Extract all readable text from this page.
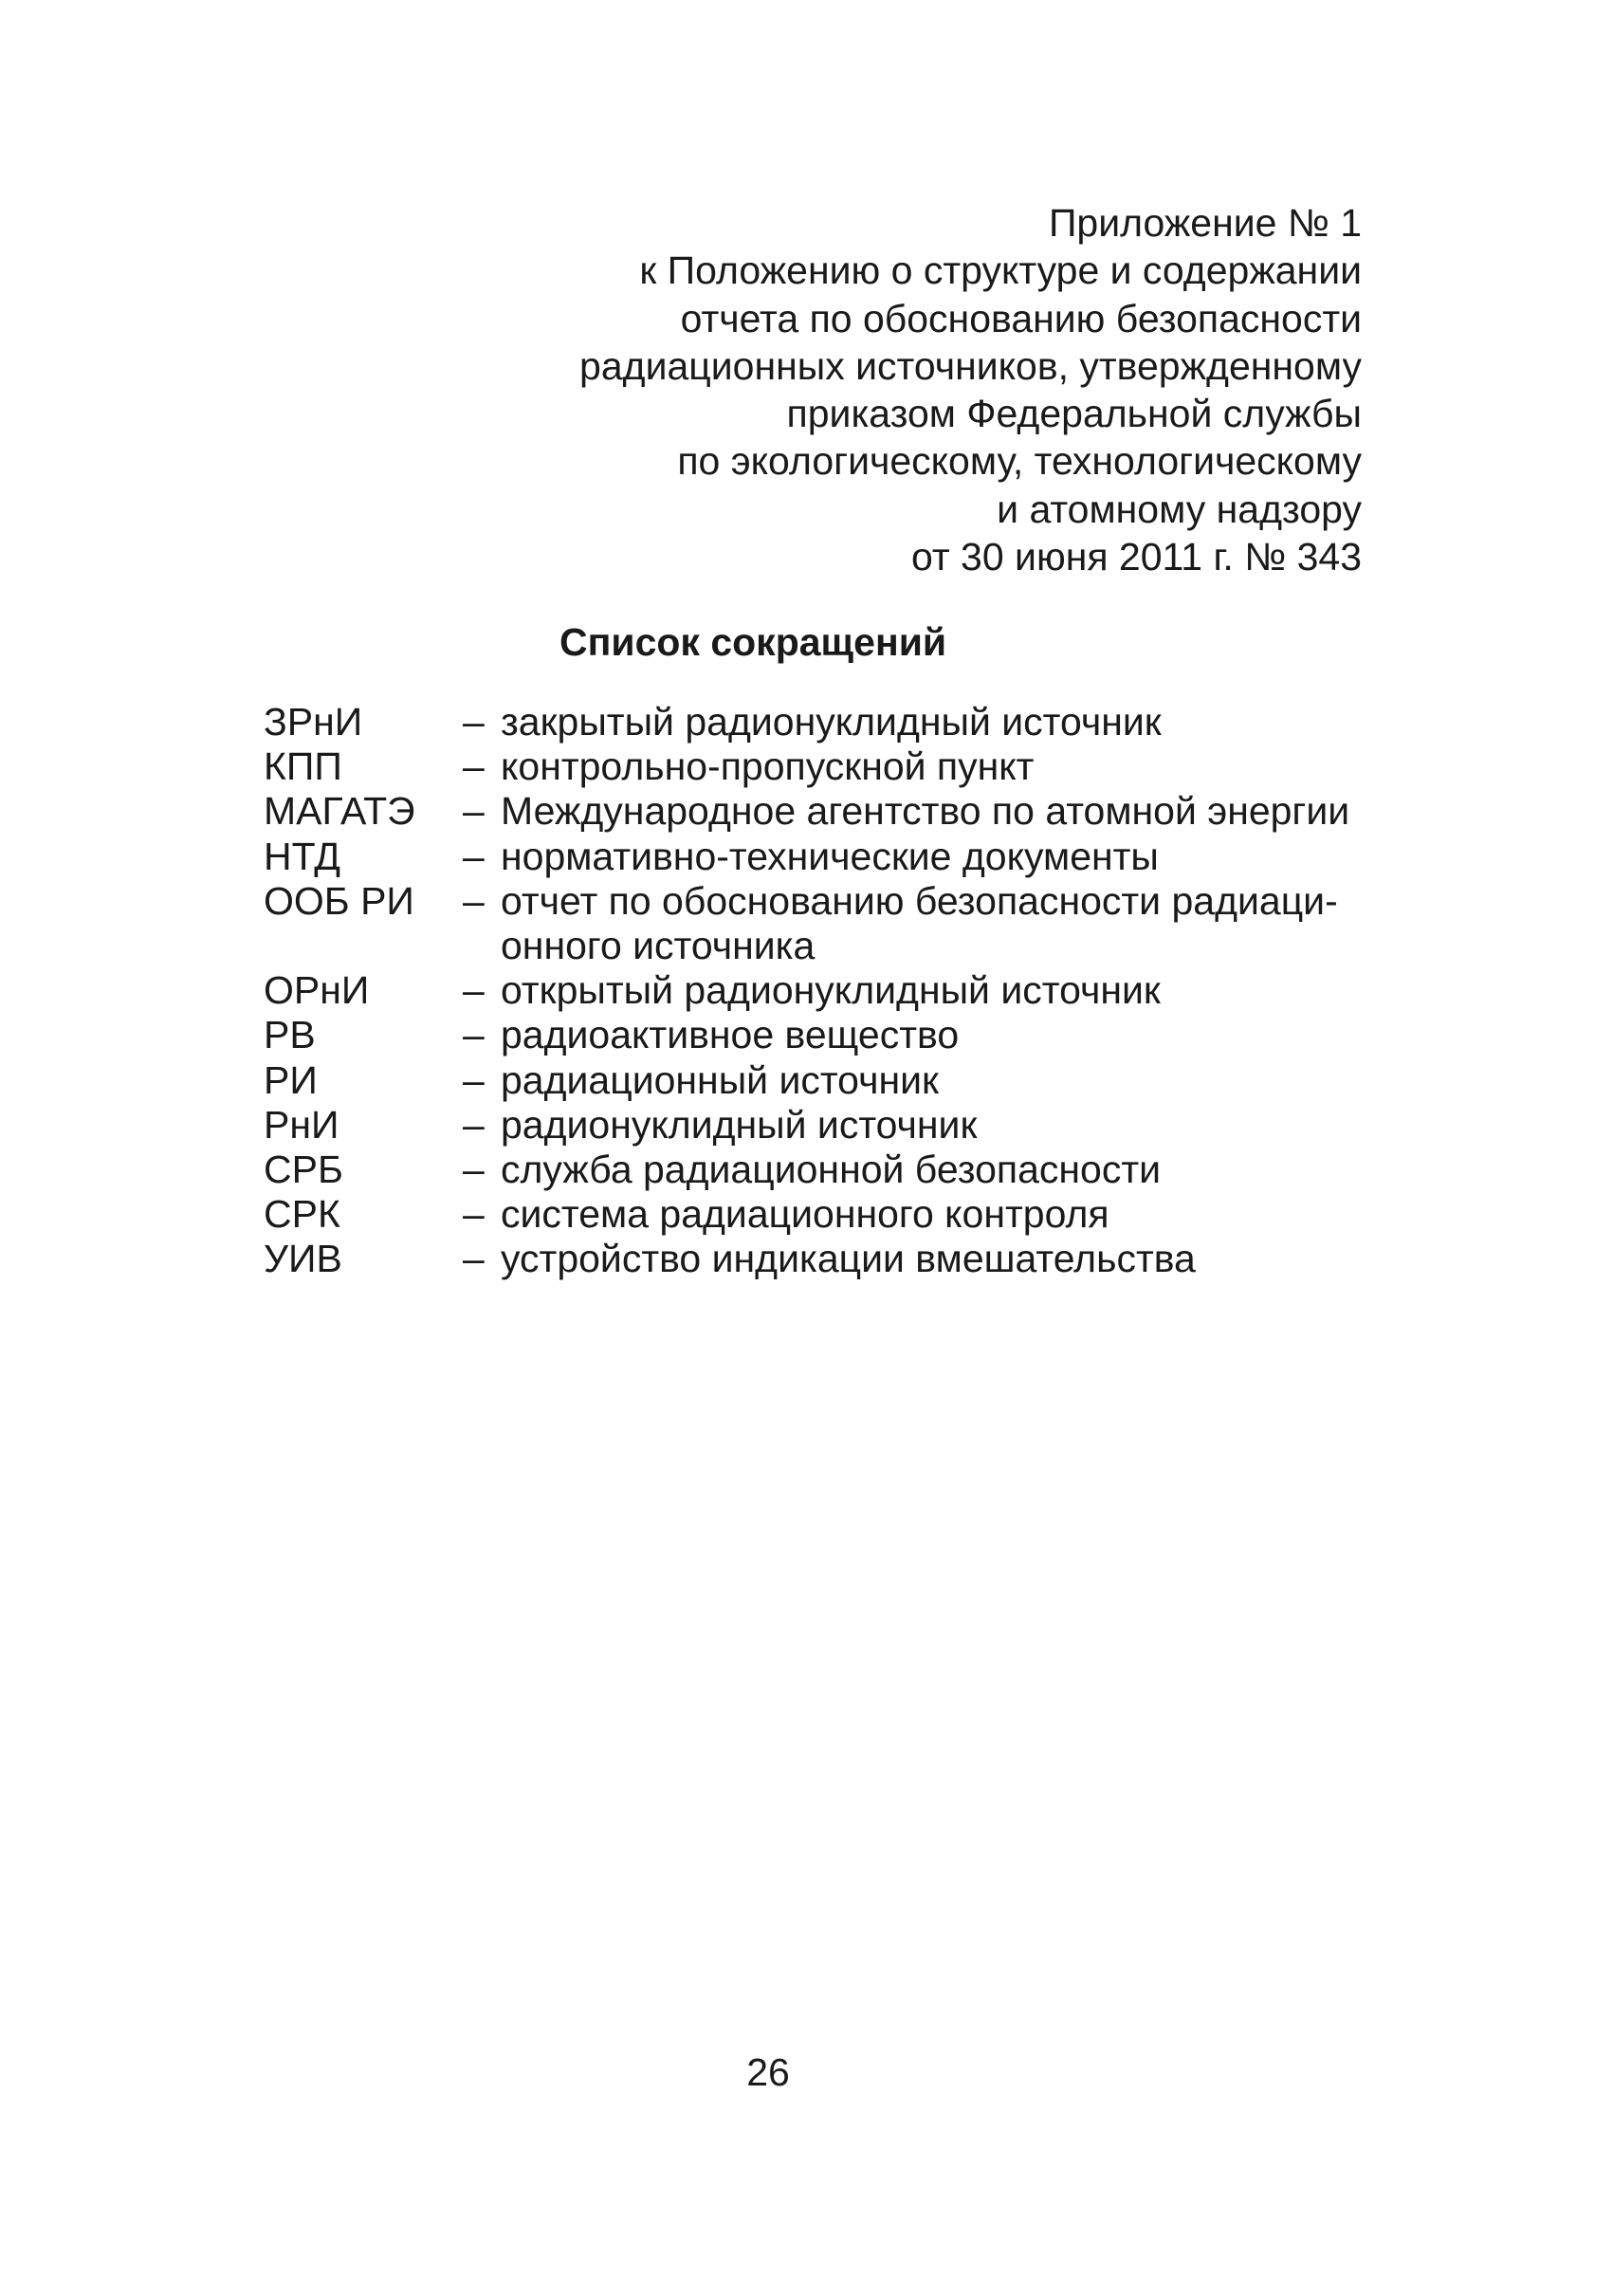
Приложение № 1
к Положению о структуре и содержании
отчета по обоснованию безопасности
радиационных источников, утвержденному
приказом Федеральной службы
по экологическому, технологическому
и атомному надзору
от 30 июня 2011 г. № 343
Список сокращений
ЗРнИ	– закрытый радионуклидный источник
КПП	– контрольно-пропускной пункт
МАГАТЭ	– Международное агентство по атомной энергии
НТД	– нормативно-технические документы
ООБ РИ	– отчет по обоснованию безопасности радиаци-
онного источника
ОРнИ	– открытый радионуклидный источник
РВ	– радиоактивное вещество
РИ	– радиационный источник
РнИ	– радионуклидный источник
СРБ	– служба радиационной безопасности
СРК	– система радиационного контроля
УИВ	– устройство индикации вмешательства
26
